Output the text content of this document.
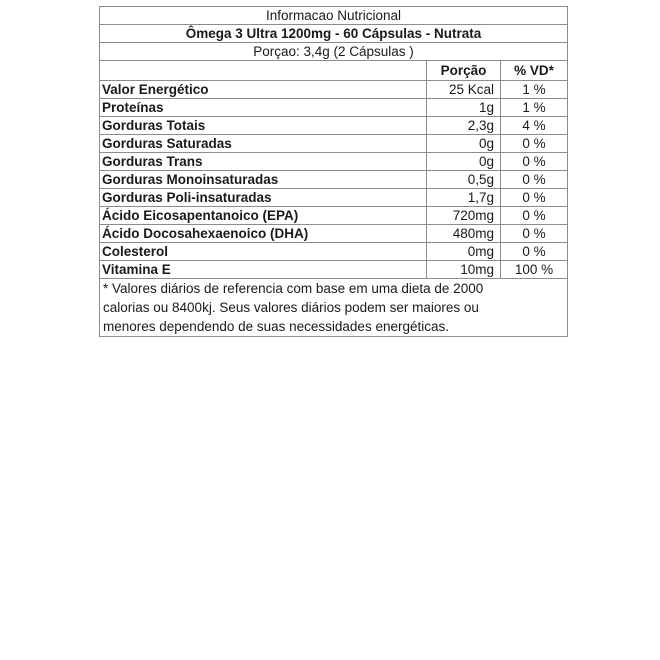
Informacao Nutricional		
Ômega 3 Ultra 1200mg - 60 Cápsulas - Nutrata		
Porçao: 3,4g (2 Cápsulas )		
	Porção	% VD*
Valor Energético	25 Kcal	1 %
Proteínas	1g	1 %
Gorduras Totais	2,3g	4 %
Gorduras Saturadas	0g	0 %
Gorduras Trans	0g	0 %
Gorduras Monoinsaturadas	0,5g	0 %
Gorduras Poli-insaturadas	1,7g	0 %
Ácido Eicosapentanoico (EPA)	720mg	0 %
Ácido Docosahexaenoico (DHA)	480mg	0 %
Colesterol	0mg	0 %
Vitamina E	10mg	100 %

* Valores diários de referencia com base em uma dieta de 2000
calorias ou 8400kj. Seus valores diários podem ser maiores ou
menores dependendo de suas necessidades energéticas.		
